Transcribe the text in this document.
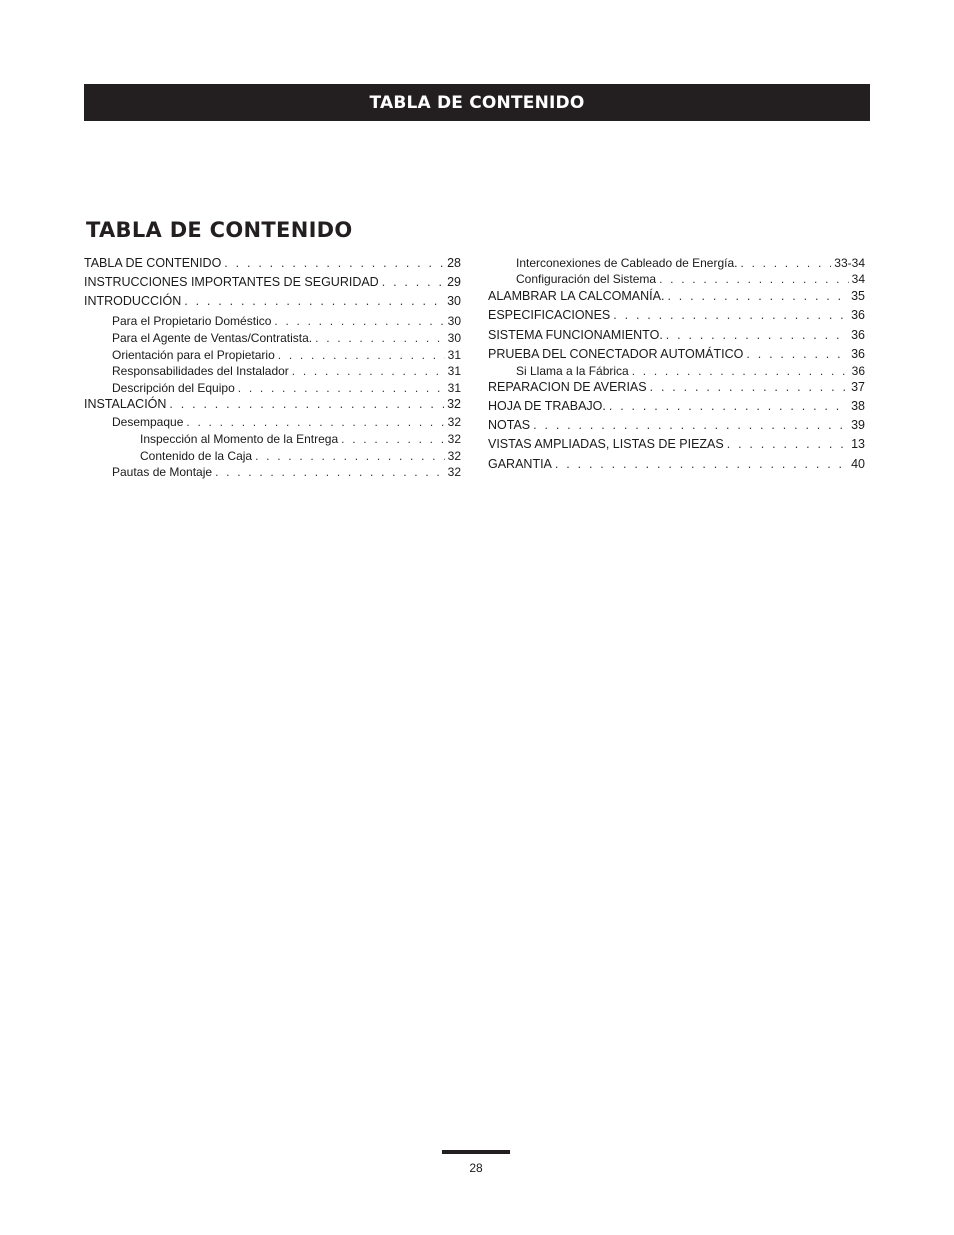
TABLA DE CONTENIDO
TABLA DE CONTENIDO
TABLA DE CONTENIDO . . .	28
INSTRUCCIONES IMPORTANTES DE SEGURIDAD . . .	29
INTRODUCCIÓN . . .	30
Para el Propietario Doméstico . . .	30
Para el Agente de Ventas/Contratista. . . .	30
Orientación para el Propietario . . .	31
Responsabilidades del Instalador . . .	31
Descripción del Equipo . . .	31
INSTALACIÓN . . .	32
Desempaque . . .	32
Inspección al Momento de la Entrega . . .	32
Contenido de la Caja . . .	32
Pautas de Montaje . . .	32
Interconexiones de Cableado de Energía. . . .	33-34
Configuración del Sistema . . .	34
ALAMBRAR LA CALCOMANÍA. . . .	35
ESPECIFICACIONES . . .	36
SISTEMA FUNCIONAMIENTO. . . .	36
PRUEBA DEL CONECTADOR AUTOMÁTICO . . .	36
Si Llama a la Fábrica . . .	36
REPARACION DE AVERIAS . . .	37
HOJA DE TRABAJO. . . .	38
NOTAS . . .	39
VISTAS AMPLIADAS, LISTAS DE PIEZAS . . .	13
GARANTIA . . .	40
28
